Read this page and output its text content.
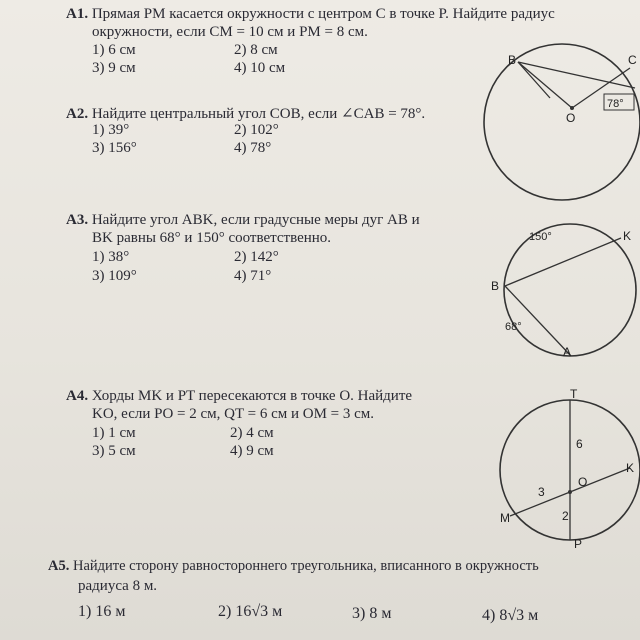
A1. Прямая PM касается окружности с центром C в точке P. Найдите радиус
окружности, если CM = 10 см и PM = 8 см.
1) 6 см	2) 8 см
3) 9 см	4) 10 см
A2. Найдите центральный угол COB, если ∠CAB = 78°.
1) 39°	2) 102°
3) 156°	4) 78°
A3. Найдите угол ABK, если градусные меры дуг AB и
BK равны 68° и 150° соответственно.
1) 38°	2) 142°
3) 109°	4) 71°
A4. Хорды MK и PT пересекаются в точке O. Найдите
KO, если PO = 2 см, QT = 6 см и OM = 3 см.
1) 1 см	2) 4 см
3) 5 см	4) 9 см
A5. Найдите сторону равностороннего треугольника, вписанного в окружность
радиуса 8 м.
1) 16 м	2) 16√3 м	3) 8 м	4) 8√3 м
B	C
O
78°
150°	K
B
68°
A
T
K
O
M
P
6
3
2
